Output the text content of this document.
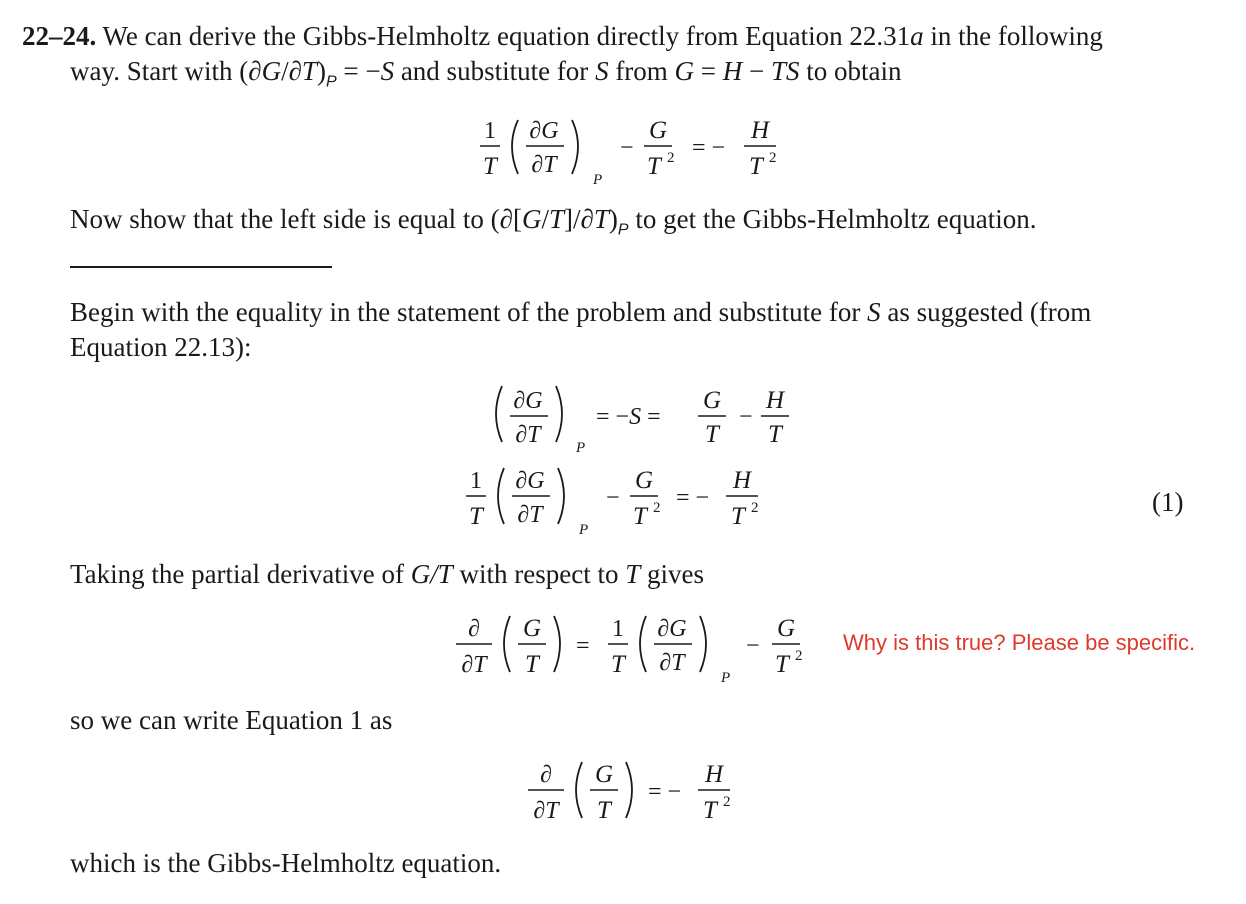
22–24. We can derive the Gibbs-Helmholtz equation directly from Equation 22.31a in the following
way. Start with $(\partial G/\partial T)_P = -S$ and substitute for S from G = H − TS to obtain
1
T
∂G
∂T
P
−
G
T 2 = −
H
T 2
Now show that the left side is equal to $(\partial[G/T]/\partial T)_P$ to get the Gibbs-Helmholtz equation.
Begin with the equality in the statement of the problem and substitute for S as suggested (from
Equation 22.13):
∂G
∂T P
= −S =
G
T
−
H
T
1
T
∂G
∂T
P
−
G
T 2 = −
H
T 2	(1)
Taking the partial derivative of G/T with respect to T gives
∂
∂T
G
T
=
1
T
∂G
∂T
P
−
G
T 2
Why is this true? Please be specific.
so we can write Equation 1 as
∂
∂T
G
T
= −
H
T 2
which is the Gibbs-Helmholtz equation.
